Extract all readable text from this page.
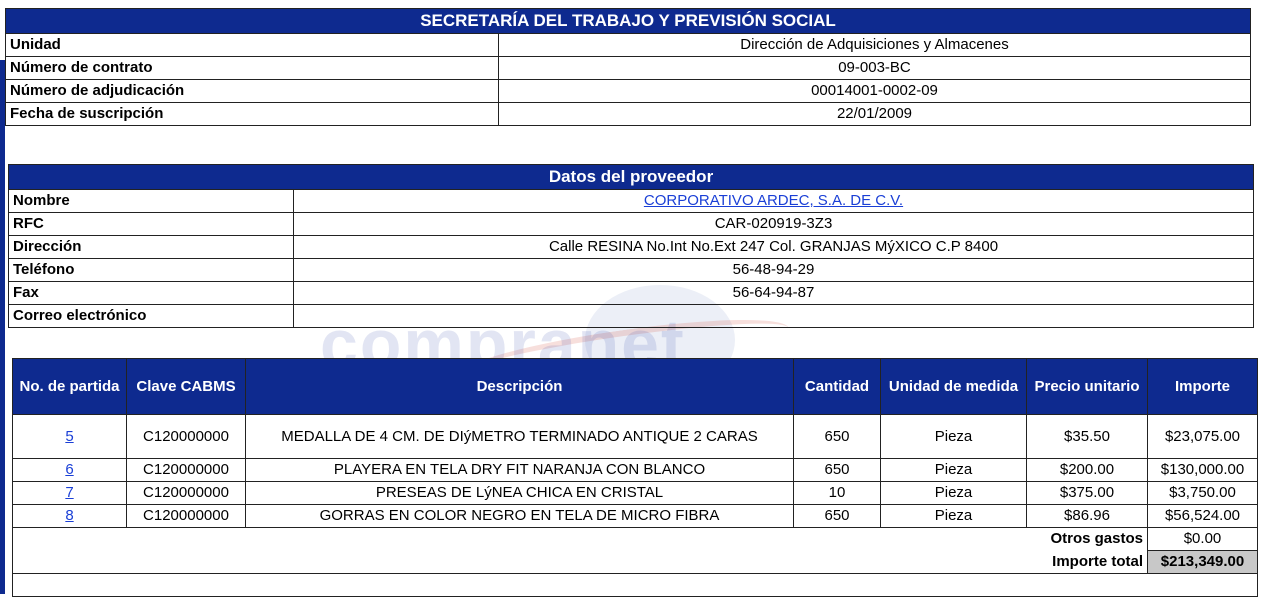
compranet
SECRETARÍA DEL TRABAJO Y PREVISIÓN SOCIAL	
Unidad	Dirección de Adquisiciones y Almacenes
Número de contrato	09-003-BC
Número de adjudicación	00014001-0002-09
Fecha de suscripción	22/01/2009
Datos del proveedor	
Nombre	CORPORATIVO ARDEC, S.A. DE C.V.
RFC	CAR-020919-3Z3
Dirección	Calle RESINA No.Int No.Ext 247 Col. GRANJAS MýXICO C.P 8400
Teléfono	56-48-94-29
Fax	56-64-94-87
Correo electrónico	
No. de partida	Clave CABMS	Descripción	Cantidad	Unidad de medida	Precio unitario	Importe
5	C120000000	MEDALLA DE 4 CM. DE DIýMETRO TERMINADO ANTIQUE 2 CARAS	650	Pieza	$35.50	$23,075.00
6	C120000000	PLAYERA EN TELA DRY FIT NARANJA CON BLANCO	650	Pieza	$200.00	$130,000.00
7	C120000000	PRESEAS DE LýNEA CHICA EN CRISTAL	10	Pieza	$375.00	$3,750.00
8	C120000000	GORRAS EN COLOR NEGRO EN TELA DE MICRO FIBRA	650	Pieza	$86.96	$56,524.00
Otros gastos						$0.00
Importe total						$213,349.00
